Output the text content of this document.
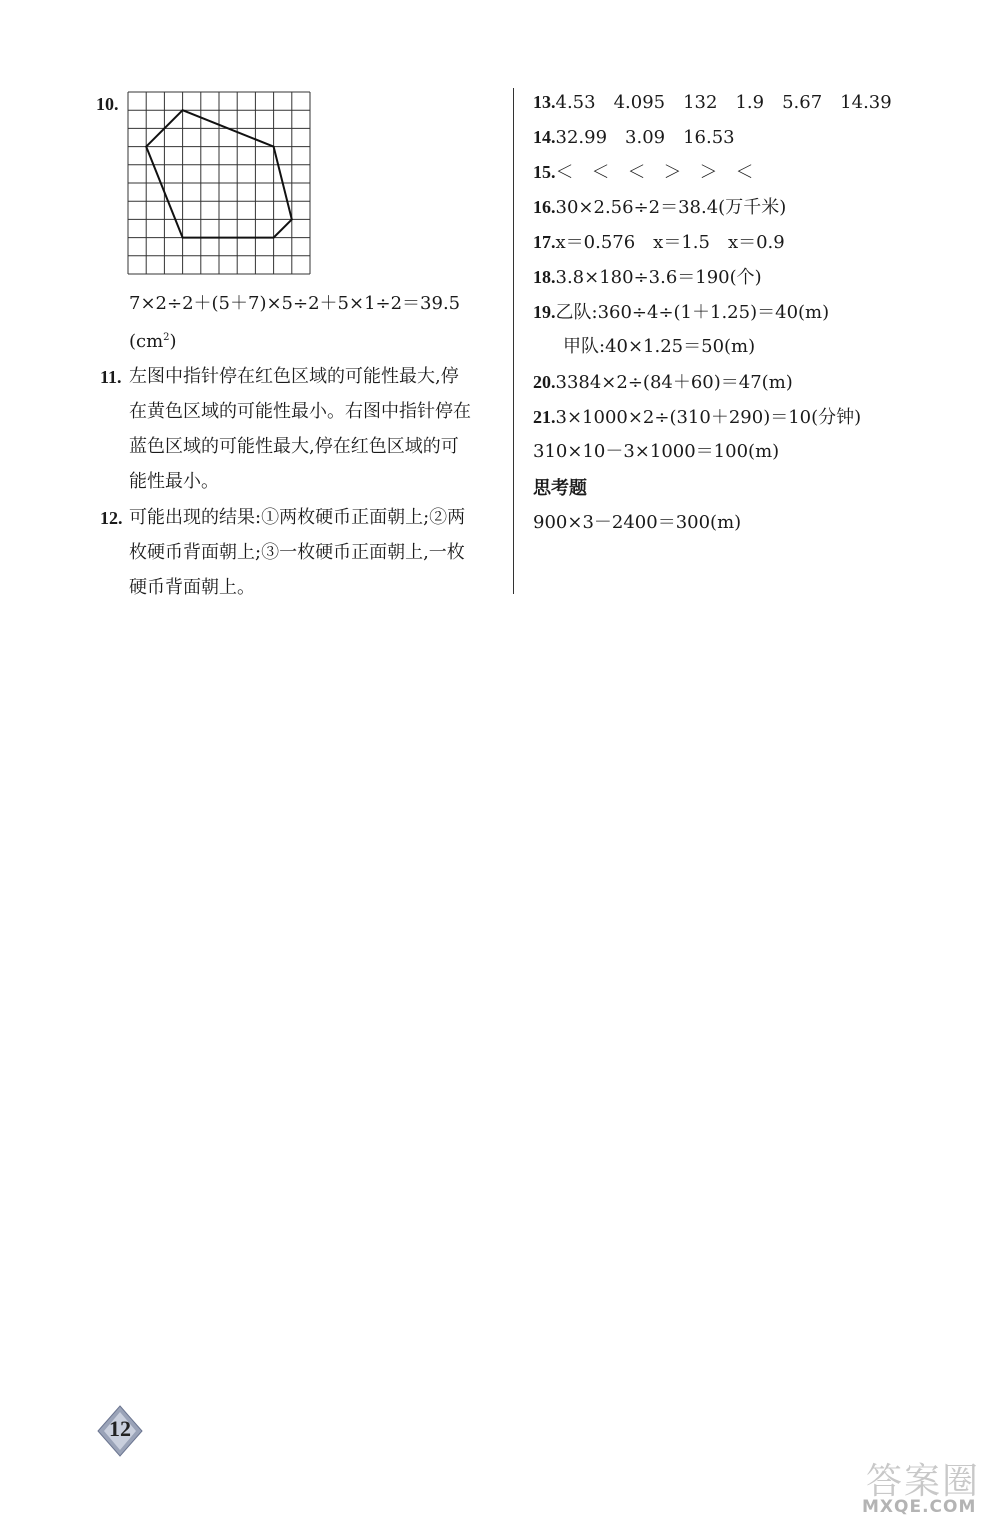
10.
7×2÷2＋(5＋7)×5÷2＋5×1÷2＝39.5
$(cm^2)$
11. 左图中指针停在红色区域的可能性最大,停
在黄色区域的可能性最小。右图中指针停在
蓝色区域的可能性最大,停在红色区域的可
能性最小。
12. 可能出现的结果:①两枚硬币正面朝上;②两
枚硬币背面朝上;③一枚硬币正面朝上,一枚
硬币背面朝上。
13.4.53　4.095　132　1.9　5.67　14.39
14.32.99　3.09　16.53
15.＜　＜　＜　＞　＞　＜
16.30×2.56÷2＝38.4(万千米)
17.x＝0.576　x＝1.5　x＝0.9
18.3.8×180÷3.6＝190(个)
19.乙队:360÷4÷(1＋1.25)＝40(m)
甲队:40×1.25＝50(m)
20.3384×2÷(84＋60)＝47(m)
21.3×1000×2÷(310＋290)＝10(分钟)
310×10－3×1000＝100(m)
思考题
900×3－2400＝300(m)
12
答案圈
MXQE.COM
